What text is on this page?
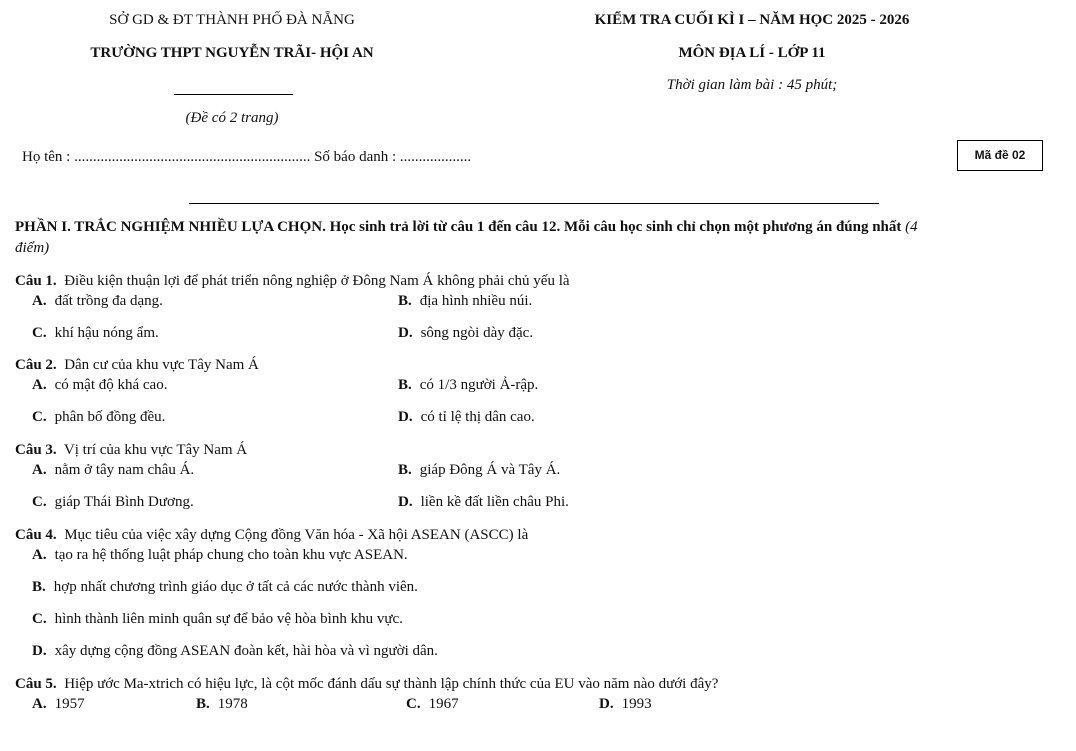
SỞ GD & ĐT THÀNH PHỐ ĐÀ NẴNG
TRƯỜNG THPT NGUYỄN TRÃI- HỘI AN
(Đề có 2 trang)
KIỂM TRA CUỐI KÌ I – NĂM HỌC 2025 - 2026
MÔN ĐỊA LÍ - LỚP 11
Thời gian làm bài : 45 phút;
Họ tên : ............................................................... Số báo danh : ...................	Mã đề 02
PHẦN I. TRẮC NGHIỆM NHIỀU LỰA CHỌN. Học sinh trả lời từ câu 1 đến câu 12. Mỗi câu học sinh chỉ chọn một phương án đúng nhất (4
điểm)
Câu 1. Điều kiện thuận lợi để phát triển nông nghiệp ở Đông Nam Á không phải chủ yếu là
A. đất trồng đa dạng.	B. địa hình nhiều núi.
C. khí hậu nóng ẩm.	D. sông ngòi dày đặc.
Câu 2. Dân cư của khu vực Tây Nam Á
A. có mật độ khá cao.	B. có 1/3 người Ả-rập.
C. phân bố đồng đều.	D. có tỉ lệ thị dân cao.
Câu 3. Vị trí của khu vực Tây Nam Á
A. nằm ở tây nam châu Á.	B. giáp Đông Á và Tây Á.
C. giáp Thái Bình Dương.	D. liền kề đất liền châu Phi.
Câu 4. Mục tiêu của việc xây dựng Cộng đồng Văn hóa - Xã hội ASEAN (ASCC) là
A. tạo ra hệ thống luật pháp chung cho toàn khu vực ASEAN.
B. hợp nhất chương trình giáo dục ở tất cả các nước thành viên.
C. hình thành liên minh quân sự để bảo vệ hòa bình khu vực.
D. xây dựng cộng đồng ASEAN đoàn kết, hài hòa và vì người dân.
Câu 5. Hiệp ước Ma-xtrich có hiệu lực, là cột mốc đánh dấu sự thành lập chính thức của EU vào năm nào dưới đây?
A. 1957	B. 1978	C. 1967	D. 1993
